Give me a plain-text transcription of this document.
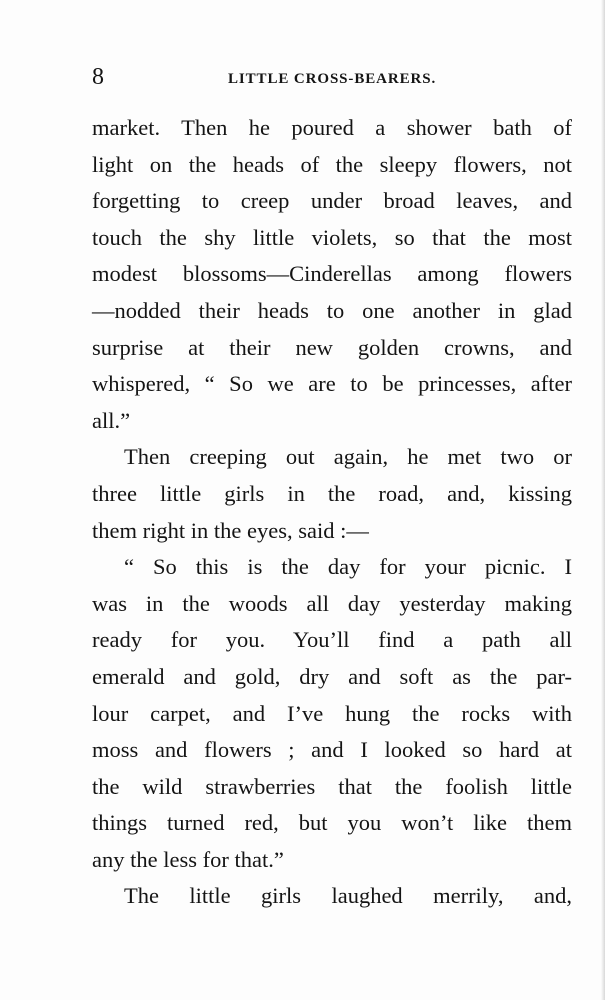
8	LITTLE CROSS-BEARERS.
market. Then he poured a shower bath of
light on the heads of the sleepy flowers, not
forgetting to creep under broad leaves, and
touch the shy little violets, so that the most
modest blossoms—Cinderellas among flowers
—nodded their heads to one another in glad
surprise at their new golden crowns, and
whispered, “ So we are to be princesses, after
all.”
Then creeping out again, he met two or
three little girls in the road, and, kissing
them right in the eyes, said :—
“ So this is the day for your picnic. I
was in the woods all day yesterday making
ready for you. You’ll find a path all
emerald and gold, dry and soft as the par-
lour carpet, and I’ve hung the rocks with
moss and flowers ; and I looked so hard at
the wild strawberries that the foolish little
things turned red, but you won’t like them
any the less for that.”
The little girls laughed merrily, and,
